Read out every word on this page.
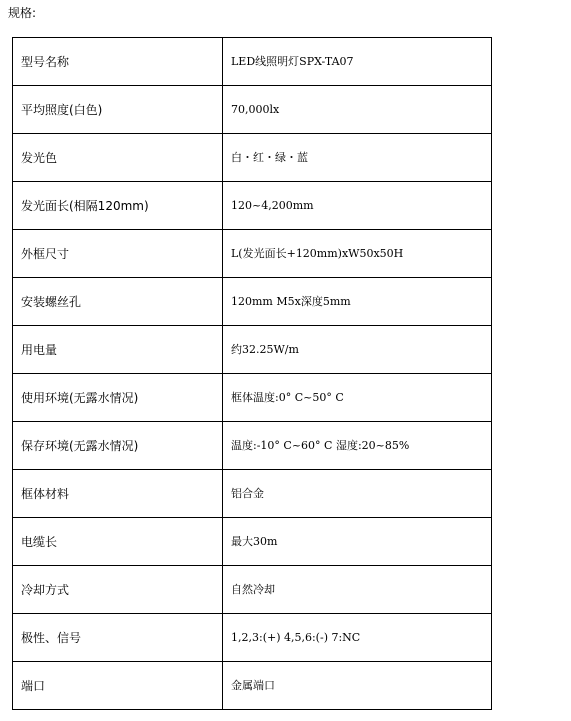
规格:
型号名称	LED线照明灯SPX-TA07
平均照度(白色)	70,000lx
发光色	白・红・绿・蓝
发光面长(相隔120mm)	120~4,200mm
外框尺寸	L(发光面长+120mm)xW50x50H
安装螺丝孔	120mm M5x深度5mm
用电量	约32.25W/m
使用环境(无露水情况)	框体温度:0° C~50° C
保存环境(无露水情况)	温度:-10° C~60° C 湿度:20~85%
框体材料	铝合金
电缆长	最大30m
冷却方式	自然冷却
极性、信号	1,2,3:(+) 4,5,6:(-) 7:NC
端口	金属端口
